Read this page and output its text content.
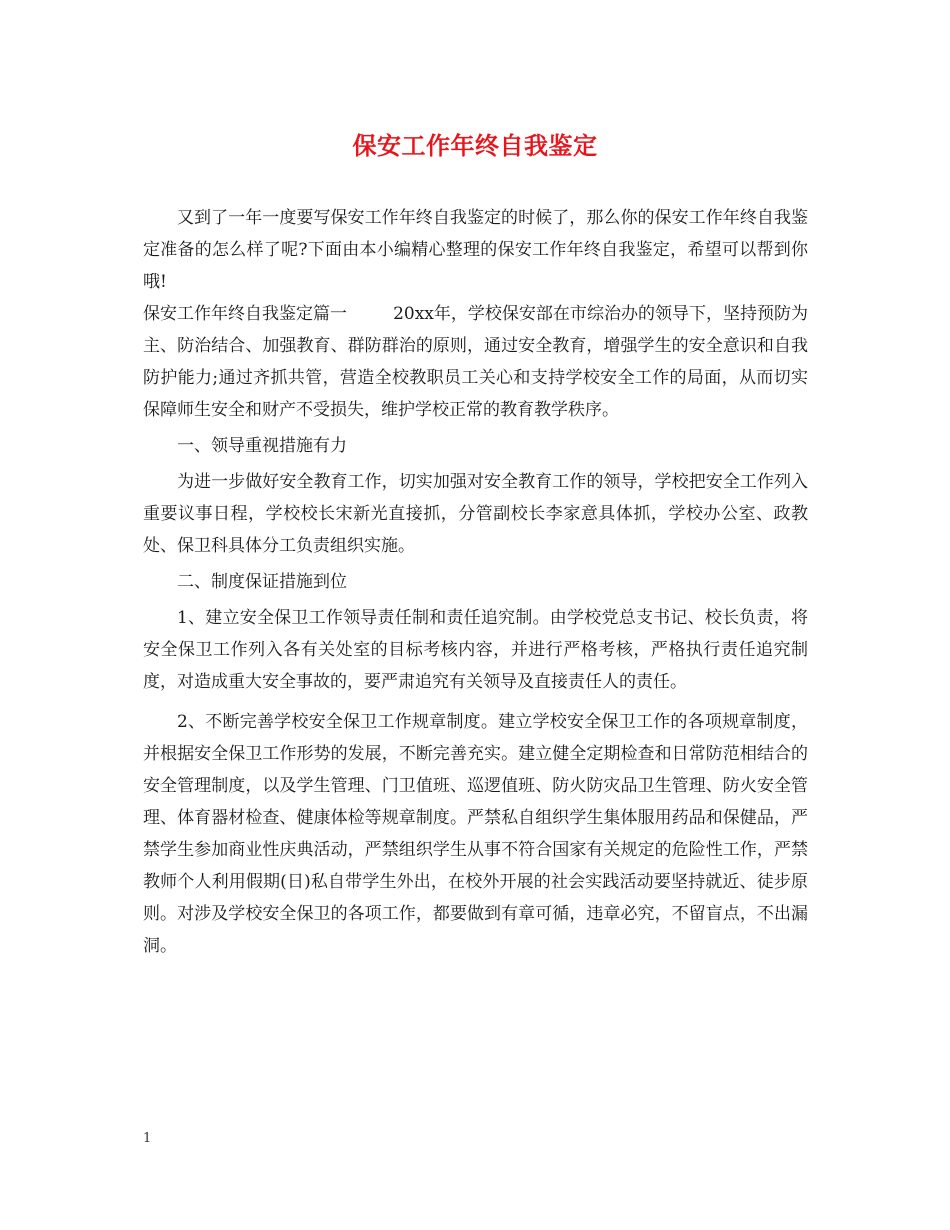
保安工作年终自我鉴定

又到了一年一度要写保安工作年终自我鉴定的时候了，那么你的保安工作年终自我鉴定准备的怎么样了呢?下面由本小编精心整理的保安工作年终自我鉴定，希望可以帮到你哦!

保安工作年终自我鉴定篇一	20xx年，学校保安部在市综治办的领导下，坚持预防为主、防治结合、加强教育、群防群治的原则，通过安全教育，增强学生的安全意识和自我防护能力;通过齐抓共管，营造全校教职员工关心和支持学校安全工作的局面，从而切实保障师生安全和财产不受损失，维护学校正常的教育教学秩序。

一、领导重视措施有力

为进一步做好安全教育工作，切实加强对安全教育工作的领导，学校把安全工作列入重要议事日程，学校校长宋新光直接抓，分管副校长李家意具体抓，学校办公室、政教处、保卫科具体分工负责组织实施。

二、制度保证措施到位

1、建立安全保卫工作领导责任制和责任追究制。由学校党总支书记、校长负责，将安全保卫工作列入各有关处室的目标考核内容，并进行严格考核，严格执行责任追究制度，对造成重大安全事故的，要严肃追究有关领导及直接责任人的责任。

2、不断完善学校安全保卫工作规章制度。建立学校安全保卫工作的各项规章制度，并根据安全保卫工作形势的发展，不断完善充实。建立健全定期检查和日常防范相结合的安全管理制度，以及学生管理、门卫值班、巡逻值班、防火防灾品卫生管理、防火安全管理、体育器材检查、健康体检等规章制度。严禁私自组织学生集体服用药品和保健品，严禁学生参加商业性庆典活动，严禁组织学生从事不符合国家有关规定的危险性工作，严禁教师个人利用假期(日)私自带学生外出，在校外开展的社会实践活动要坚持就近、徒步原则。对涉及学校安全保卫的各项工作，都要做到有章可循，违章必究，不留盲点，不出漏洞。

1
